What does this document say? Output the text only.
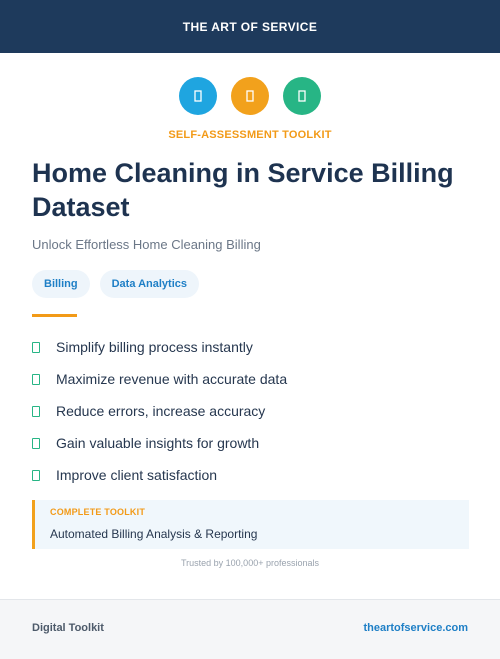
THE ART OF SERVICE
SELF-ASSESSMENT TOOLKIT
Home Cleaning in Service Billing Dataset
Unlock Effortless Home Cleaning Billing
Billing	Data Analytics
Simplify billing process instantly
Maximize revenue with accurate data
Reduce errors, increase accuracy
Gain valuable insights for growth
Improve client satisfaction
COMPLETE TOOLKIT
Automated Billing Analysis & Reporting
Trusted by 100,000+ professionals
Digital Toolkit	theartofservice.com
